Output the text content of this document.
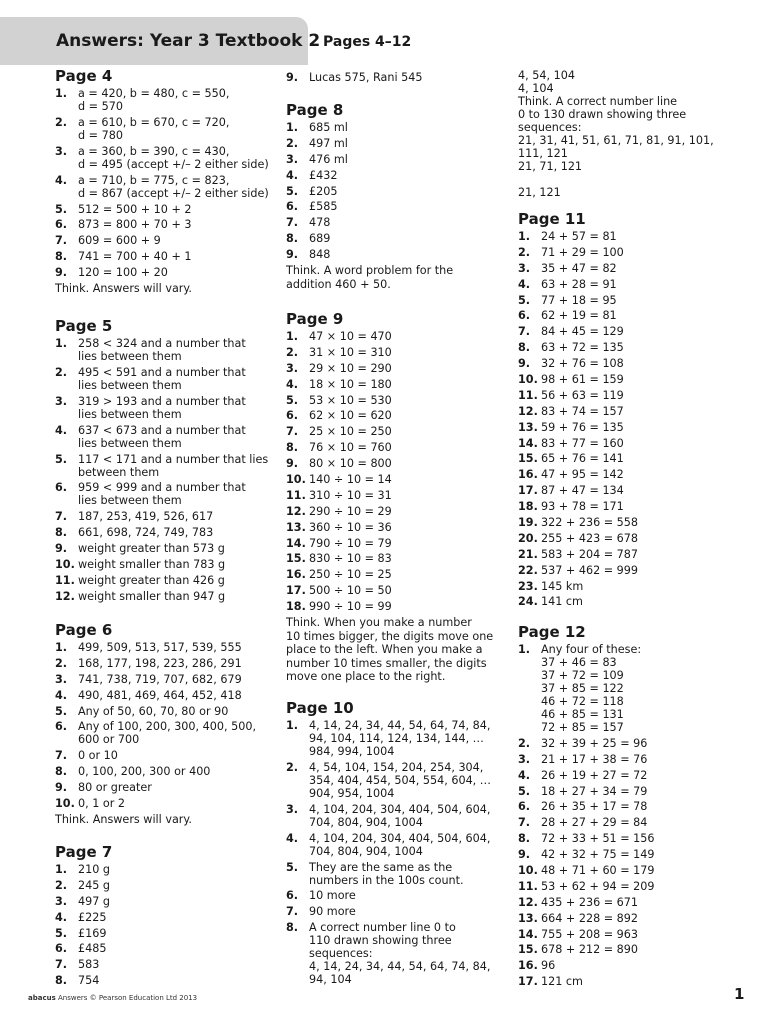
Answers: Year 3 Textbook 2 Pages 4–12
Page 4
1. a = 420, b = 480, c = 550,
d = 570
2. a = 610, b = 670, c = 720,
d = 780
3. a = 360, b = 390, c = 430,
d = 495 (accept +/– 2 either side)
4. a = 710, b = 775, c = 823,
d = 867 (accept +/– 2 either side)
5. 512 = 500 + 10 + 2
6. 873 = 800 + 70 + 3
7. 609 = 600 + 9
8. 741 = 700 + 40 + 1
9. 120 = 100 + 20
Think. Answers will vary.
Page 5
1. 258 < 324 and a number that
lies between them
2. 495 < 591 and a number that
lies between them
3. 319 > 193 and a number that
lies between them
4. 637 < 673 and a number that
lies between them
5. 117 < 171 and a number that lies
between them
6. 959 < 999 and a number that
lies between them
7. 187, 253, 419, 526, 617
8. 661, 698, 724, 749, 783
9. weight greater than 573 g
10. weight smaller than 783 g
11. weight greater than 426 g
12. weight smaller than 947 g
Page 6
1. 499, 509, 513, 517, 539, 555
2. 168, 177, 198, 223, 286, 291
3. 741, 738, 719, 707, 682, 679
4. 490, 481, 469, 464, 452, 418
5. Any of 50, 60, 70, 80 or 90
6. Any of 100, 200, 300, 400, 500,
600 or 700
7. 0 or 10
8. 0, 100, 200, 300 or 400
9. 80 or greater
10. 0, 1 or 2
Think. Answers will vary.
Page 7
1. 210 g
2. 245 g
3. 497 g
4. £225
5. £169
6. £485
7. 583
8. 754
9. Lucas 575, Rani 545
Page 8
1. 685 ml
2. 497 ml
3. 476 ml
4. £432
5. £205
6. £585
7. 478
8. 689
9. 848
Think. A word problem for the
addition 460 + 50.
Page 9
1. 47 × 10 = 470
2. 31 × 10 = 310
3. 29 × 10 = 290
4. 18 × 10 = 180
5. 53 × 10 = 530
6. 62 × 10 = 620
7. 25 × 10 = 250
8. 76 × 10 = 760
9. 80 × 10 = 800
10. 140 ÷ 10 = 14
11. 310 ÷ 10 = 31
12. 290 ÷ 10 = 29
13. 360 ÷ 10 = 36
14. 790 ÷ 10 = 79
15. 830 ÷ 10 = 83
16. 250 ÷ 10 = 25
17. 500 ÷ 10 = 50
18. 990 ÷ 10 = 99
Think. When you make a number
10 times bigger, the digits move one
place to the left. When you make a
number 10 times smaller, the digits
move one place to the right.
Page 10
1. 4, 14, 24, 34, 44, 54, 64, 74, 84,
94, 104, 114, 124, 134, 144, …
984, 994, 1004
2. 4, 54, 104, 154, 204, 254, 304,
354, 404, 454, 504, 554, 604, …
904, 954, 1004
3. 4, 104, 204, 304, 404, 504, 604,
704, 804, 904, 1004
4. 4, 104, 204, 304, 404, 504, 604,
704, 804, 904, 1004
5. They are the same as the
numbers in the 100s count.
6. 10 more
7. 90 more
8. A correct number line 0 to
110 drawn showing three
sequences:
4, 14, 24, 34, 44, 54, 64, 74, 84,
94, 104
4, 54, 104
4, 104
Think. A correct number line
0 to 130 drawn showing three
sequences:
21, 31, 41, 51, 61, 71, 81, 91, 101,
111, 121
21, 71, 121

21, 121
Page 11
1. 24 + 57 = 81
2. 71 + 29 = 100
3. 35 + 47 = 82
4. 63 + 28 = 91
5. 77 + 18 = 95
6. 62 + 19 = 81
7. 84 + 45 = 129
8. 63 + 72 = 135
9. 32 + 76 = 108
10. 98 + 61 = 159
11. 56 + 63 = 119
12. 83 + 74 = 157
13. 59 + 76 = 135
14. 83 + 77 = 160
15. 65 + 76 = 141
16. 47 + 95 = 142
17. 87 + 47 = 134
18. 93 + 78 = 171
19. 322 + 236 = 558
20. 255 + 423 = 678
21. 583 + 204 = 787
22. 537 + 462 = 999
23. 145 km
24. 141 cm
Page 12
1. Any four of these:
37 + 46 = 83
37 + 72 = 109
37 + 85 = 122
46 + 72 = 118
46 + 85 = 131
72 + 85 = 157
2. 32 + 39 + 25 = 96
3. 21 + 17 + 38 = 76
4. 26 + 19 + 27 = 72
5. 18 + 27 + 34 = 79
6. 26 + 35 + 17 = 78
7. 28 + 27 + 29 = 84
8. 72 + 33 + 51 = 156
9. 42 + 32 + 75 = 149
10. 48 + 71 + 60 = 179
11. 53 + 62 + 94 = 209
12. 435 + 236 = 671
13. 664 + 228 = 892
14. 755 + 208 = 963
15. 678 + 212 = 890
16. 96
17. 121 cm
abacus Answers © Pearson Education Ltd 2013	1
